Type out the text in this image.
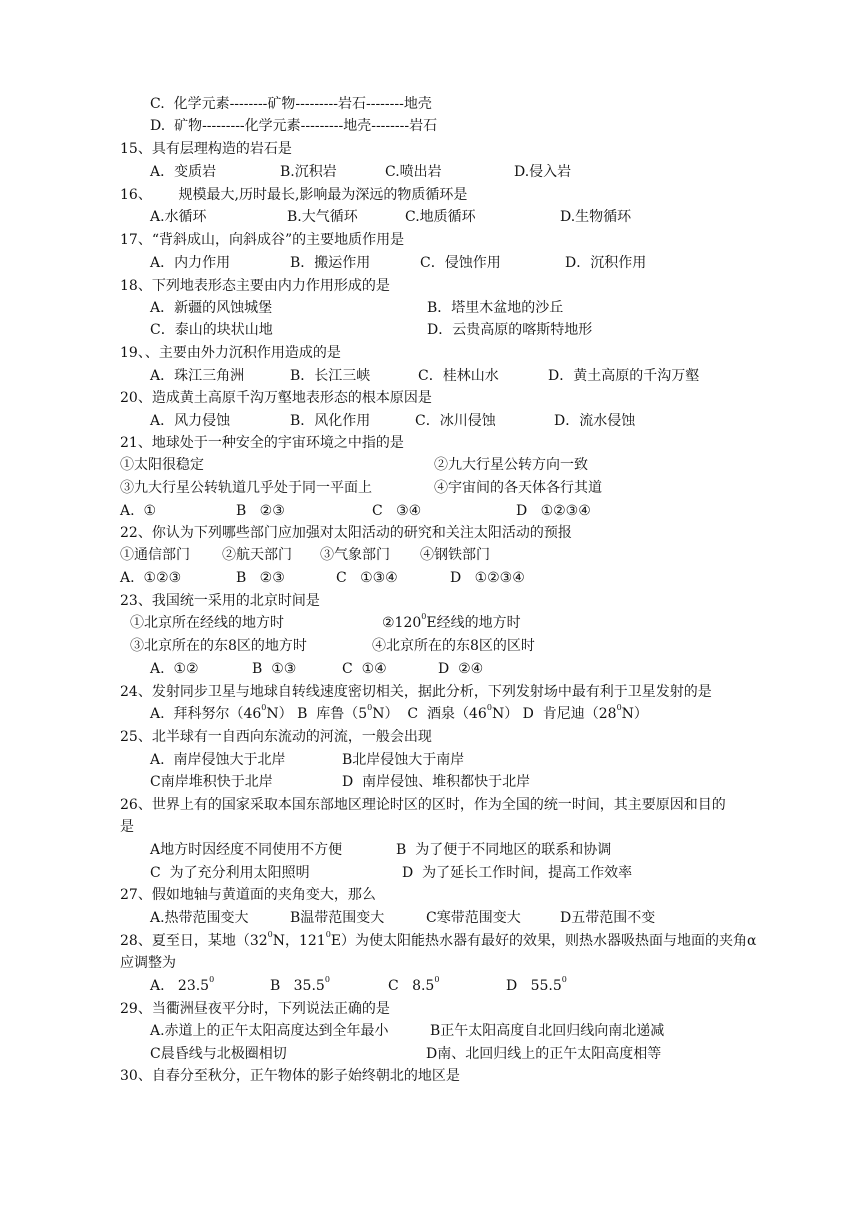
C.  化学元素--------矿物---------岩石--------地壳
D.  矿物---------化学元素---------地壳--------岩石
15、具有层理构造的岩石是
A．变质岩	B.沉积岩	C.喷出岩	D.侵入岩
16、      规模最大,历时最长,影响最为深远的物质循环是
A.水循环	B.大气循环	C.地质循环	D.生物循环
17、“背斜成山，向斜成谷”的主要地质作用是
A．内力作用	B．搬运作用	C．侵蚀作用	D．沉积作用
18、下列地表形态主要由内力作用形成的是
A．新疆的风蚀城堡	B．塔里木盆地的沙丘
C．泰山的块状山地	D．云贵高原的喀斯特地形
19、、主要由外力沉积作用造成的是
A．珠江三角洲	B．长江三峡	C．桂林山水	D．黄土高原的千沟万壑
20、造成黄土高原千沟万壑地表形态的根本原因是
A．风力侵蚀	B．风化作用	C．冰川侵蚀	D．流水侵蚀
21、地球处于一种安全的宇宙环境之中指的是
①太阳很稳定	②九大行星公转方向一致
③九大行星公转轨道几乎处于同一平面上	④宇宙间的各天体各行其道
A.  ①	B   ②③	C   ③④	D   ①②③④
22、你认为下列哪些部门应加强对太阳活动的研究和关注太阳活动的预报
①通信部门 ②航天部门 ③气象部门 ④钢铁部门
A.  ①②③	B   ②③	C   ①③④	D   ①②③④
23、我国统一采用的北京时间是
①北京所在经线的地方时	$②120^0E$经线的地方时
③北京所在的东8区的地方时	④北京所在的东8区的区时
A.  ①②	B  ①③	C  ①④	D  ②④
24、发射同步卫星与地球自转线速度密切相关，据此分析，下列发射场中最有利于卫星发射的是
A.  拜科努尔$(46^0N)$ B  库鲁$(5^0N)$  C  酒泉$(46^0N)$ D  肯尼迪$(28^0N)$
25、北半球有一自西向东流动的河流，一般会出现
A.  南岸侵蚀大于北岸	B北岸侵蚀大于南岸
C南岸堆积快于北岸	D  南岸侵蚀、堆积都快于北岸
26、世界上有的国家采取本国东部地区理论时区的区时，作为全国的统一时间，其主要原因和目的
是
A地方时因经度不同使用不方便	B  为了便于不同地区的联系和协调
C  为了充分利用太阳照明	D  为了延长工作时间，提高工作效率
27、假如地轴与黄道面的夹角变大，那么
A.热带范围变大	B温带范围变大	C寒带范围变大	D五带范围不变
28、夏至日，某地（$32^0N$，$121^0E$）为使太阳能热水器有最好的效果，则热水器吸热面与地面的夹角α
应调整为
A.   23.5$^0$	B   35.5$^0$	C   $8.5^0$	D   55.5$^0$
29、当衢洲昼夜平分时，下列说法正确的是
A.赤道上的正午太阳高度达到全年最小	B正午太阳高度自北回归线向南北递减
C晨昏线与北极圈相切	D南、北回归线上的正午太阳高度相等
30、自春分至秋分，正午物体的影子始终朝北的地区是
